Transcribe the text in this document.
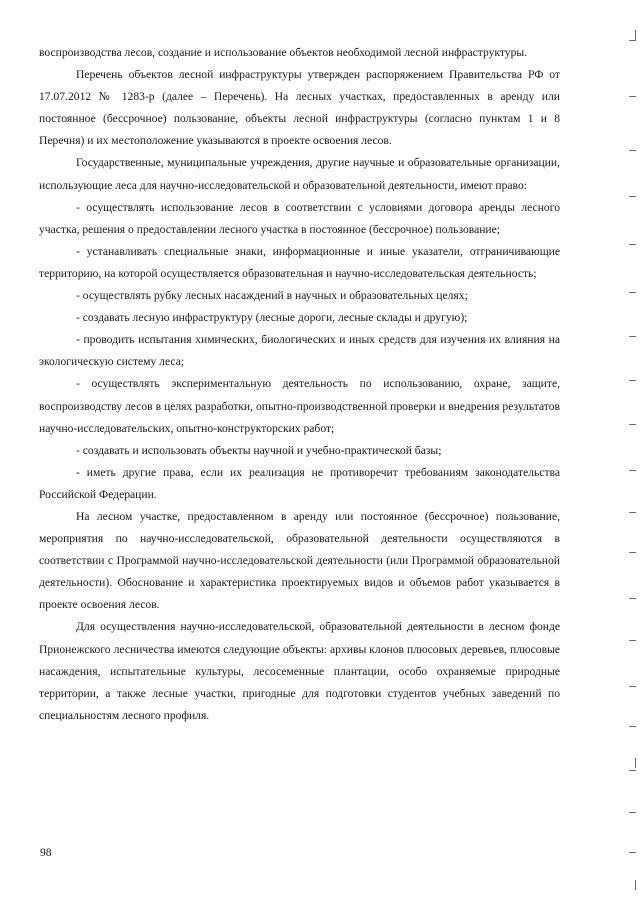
воспроизводства лесов, создание и использование объектов необходимой лесной инфраструктуры.

Перечень объектов лесной инфраструктуры утвержден распоряжением Правительства РФ от 17.07.2012 № 1283-р (далее – Перечень). На лесных участках, предоставленных в аренду или постоянное (бессрочное) пользование, объекты лесной инфраструктуры (согласно пунктам 1 и 8 Перечня) и их местоположение указываются в проекте освоения лесов.

Государственные, муниципальные учреждения, другие научные и образовательные организации, использующие леса для научно-исследовательской и образовательной деятельности, имеют право:

- осуществлять использование лесов в соответствии с условиями договора аренды лесного участка, решения о предоставлении лесного участка в постоянное (бессрочное) пользование;

- устанавливать специальные знаки, информационные и иные указатели, отграничивающие территорию, на которой осуществляется образовательная и научно-исследовательская деятельность;

- осуществлять рубку лесных насаждений в научных и образовательных целях;

- создавать лесную инфраструктуру (лесные дороги, лесные склады и другую);

- проводить испытания химических, биологических и иных средств для изучения их влияния на экологическую систему леса;

- осуществлять экспериментальную деятельность по использованию, охране, защите, воспроизводству лесов в целях разработки, опытно-производственной проверки и внедрения результатов научно-исследовательских, опытно-конструкторских работ;

- создавать и использовать объекты научной и учебно-практической базы;

- иметь другие права, если их реализация не противоречит требованиям законодательства Российской Федерации.

На лесном участке, предоставленном в аренду или постоянное (бессрочное) пользование, мероприятия по научно-исследовательской, образовательной деятельности осуществляются в соответствии с Программой научно-исследовательской деятельности (или Программой образовательной деятельности). Обоснование и характеристика проектируемых видов и объемов работ указывается в проекте освоения лесов.

Для осуществления научно-исследовательской, образовательной деятельности в лесном фонде Прионежского лесничества имеются следующие объекты: архивы клонов плюсовых деревьев, плюсовые насаждения, испытательные культуры, лесосеменные плантации, особо охраняемые природные территории, а также лесные участки, пригодные для подготовки студентов учебных заведений по специальностям лесного профиля.

98
